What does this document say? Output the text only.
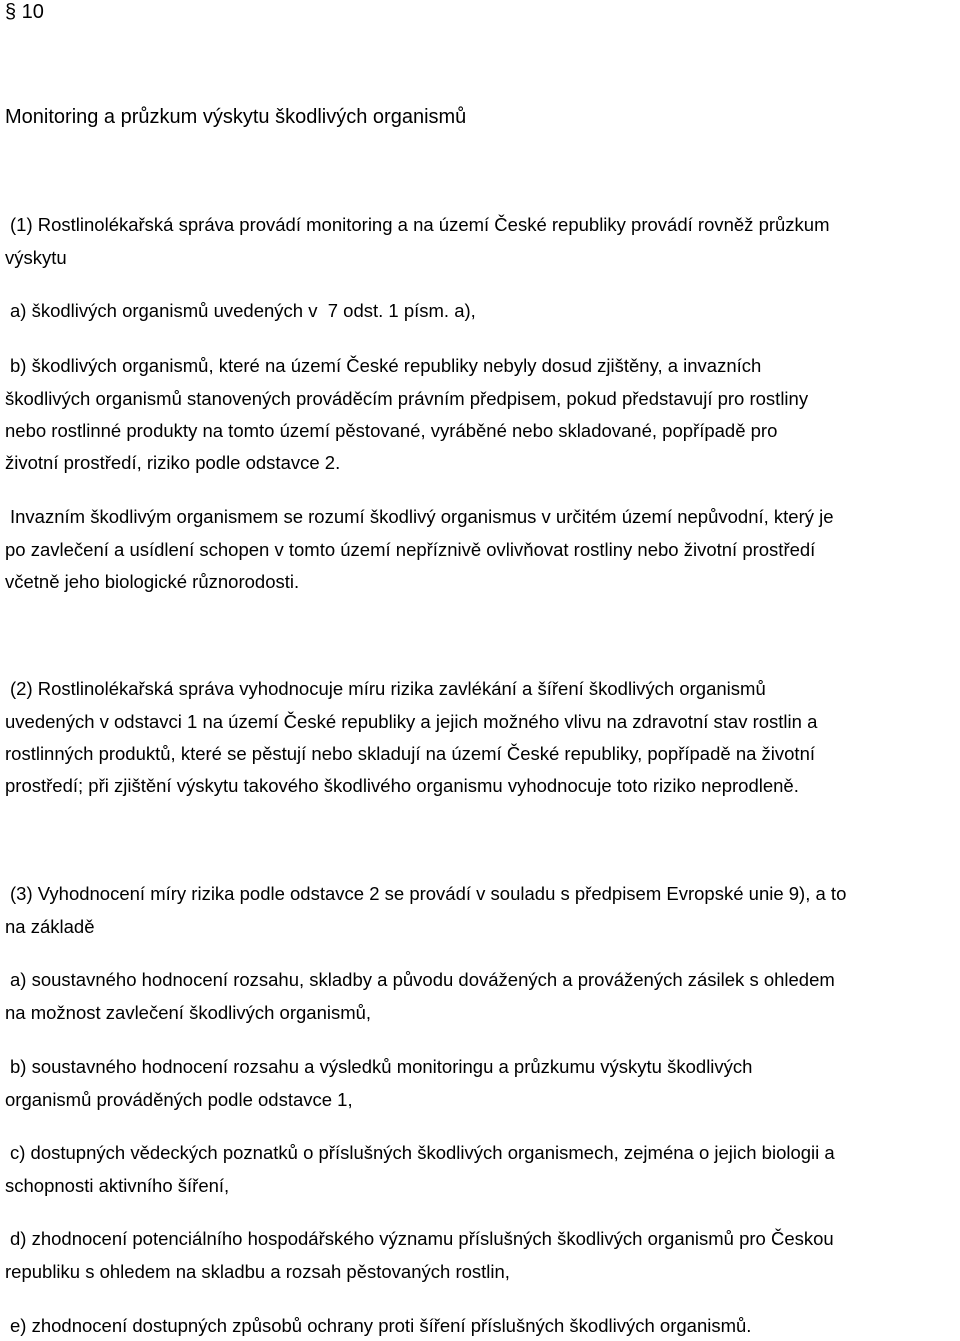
§ 10

Monitoring a průzkum výskytu škodlivých organismů

(1) Rostlinolékařská správa provádí monitoring a na území České republiky provádí rovněž průzkum

výskytu

a) škodlivých organismů uvedených v  7 odst. 1 písm. a),

b) škodlivých organismů, které na území České republiky nebyly dosud zjištěny, a invazních

škodlivých organismů stanovených prováděcím právním předpisem, pokud představují pro rostliny

nebo rostlinné produkty na tomto území pěstované, vyráběné nebo skladované, popřípadě pro

životní prostředí, riziko podle odstavce 2.

Invazním škodlivým organismem se rozumí škodlivý organismus v určitém území nepůvodní, který je

po zavlečení a usídlení schopen v tomto území nepříznivě ovlivňovat rostliny nebo životní prostředí

včetně jeho biologické různorodosti.

(2) Rostlinolékařská správa vyhodnocuje míru rizika zavlékání a šíření škodlivých organismů

uvedených v odstavci 1 na území České republiky a jejich možného vlivu na zdravotní stav rostlin a

rostlinných produktů, které se pěstují nebo skladují na území České republiky, popřípadě na životní

prostředí; při zjištění výskytu takového škodlivého organismu vyhodnocuje toto riziko neprodleně.

(3) Vyhodnocení míry rizika podle odstavce 2 se provádí v souladu s předpisem Evropské unie 9), a to

na základě

a) soustavného hodnocení rozsahu, skladby a původu dovážených a provážených zásilek s ohledem

na možnost zavlečení škodlivých organismů,

b) soustavného hodnocení rozsahu a výsledků monitoringu a průzkumu výskytu škodlivých

organismů prováděných podle odstavce 1,

c) dostupných vědeckých poznatků o příslušných škodlivých organismech, zejména o jejich biologii a

schopnosti aktivního šíření,

d) zhodnocení potenciálního hospodářského významu příslušných škodlivých organismů pro Českou

republiku s ohledem na skladbu a rozsah pěstovaných rostlin,

e) zhodnocení dostupných způsobů ochrany proti šíření příslušných škodlivých organismů.
